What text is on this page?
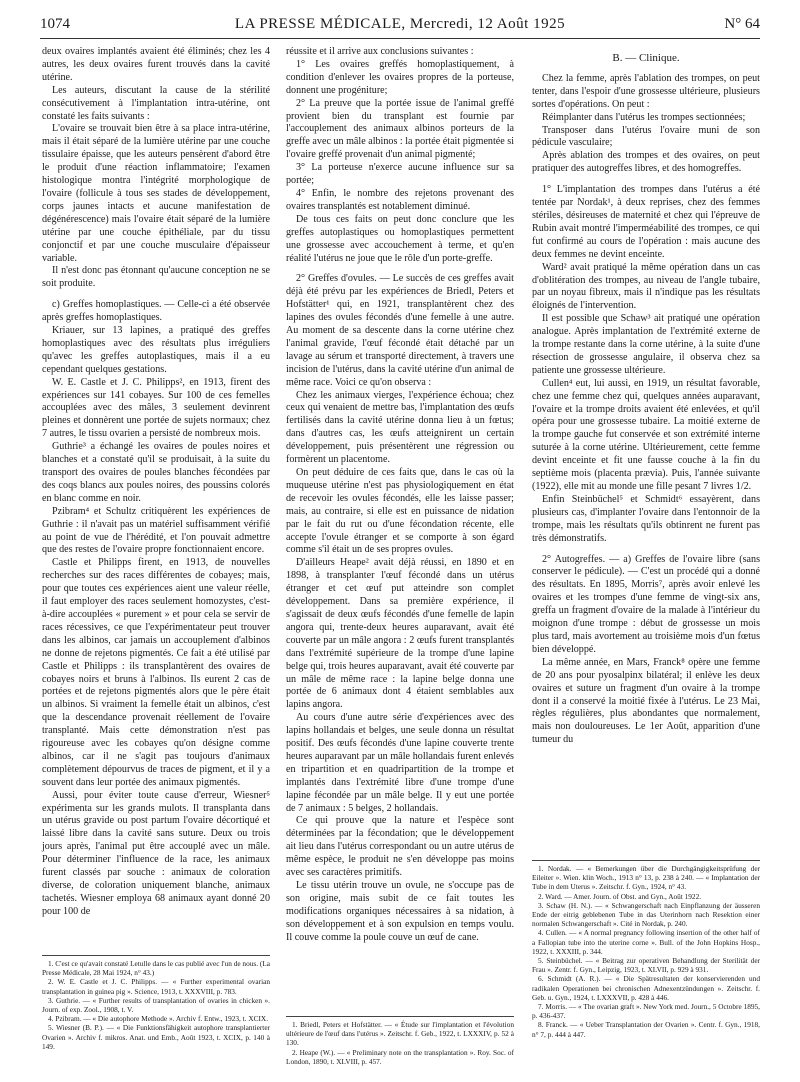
1074	LA PRESSE MÉDICALE, Mercredi, 12 Août 1925	N° 64

deux ovaires implantés avaient été éliminés; chez les 4 autres, les deux ovaires furent trouvés dans la cavité utérine.

Les auteurs, discutant la cause de la stérilité consécutivement à l'implantation intra-utérine, ont constaté les faits suivants :

L'ovaire se trouvait bien être à sa place intra-utérine, mais il était séparé de la lumière utérine par une couche tissulaire épaisse, que les auteurs pensèrent d'abord être le produit d'une réaction inflammatoire; l'examen histologique montra l'intégrité morphologique de l'ovaire (follicule à tous ses stades de développement, corps jaunes intacts et aucune manifestation de dégénérescence) mais l'ovaire était séparé de la lumière utérine par une couche épithéliale, par du tissu conjonctif et par une couche musculaire d'épaisseur variable.

Il n'est donc pas étonnant qu'aucune conception ne se soit produite.

c) Greffes homoplastiques. — Celle-ci a été observée après greffes homoplastiques.

Kriauer, sur 13 lapines, a pratiqué des greffes homoplastiques avec des résultats plus irréguliers qu'avec les greffes autoplastiques, mais il a eu cependant quelques gestations.

W. E. Castle et J. C. Philipps², en 1913, firent des expériences sur 141 cobayes. Sur 100 de ces femelles accouplées avec des mâles, 3 seulement devinrent pleines et donnèrent une portée de sujets normaux; chez 7 autres, le tissu ovarien a persisté de nombreux mois.

Guthrie³ a échangé les ovaires de poules noires et blanches et a constaté qu'il se produisait, à la suite du transport des ovaires de poules blanches fécondées par des coqs blancs aux poules noires, des poussins colorés en blanc comme en noir.

Pzibram⁴ et Schultz critiquèrent les expériences de Guthrie : il n'avait pas un matériel suffisamment vérifié au point de vue de l'hérédité, et l'on pouvait admettre que des restes de l'ovaire propre fonctionnaient encore.

Castle et Philipps firent, en 1913, de nouvelles recherches sur des races différentes de cobayes; mais, pour que toutes ces expériences aient une valeur réelle, il faut employer des races seulement homozystes, c'est-à-dire accouplées « purement » et pour cela se servir de races récessives, ce que l'expérimentateur peut trouver dans les albinos, car jamais un accouplement d'albinos ne donne de rejetons pigmentés. Ce fait a été utilisé par Castle et Philipps : ils transplantèrent des ovaires de cobayes noirs et bruns à l'albinos. Ils eurent 2 cas de portées et de rejetons pigmentés alors que le père était un albinos. Si vraiment la femelle était un albinos, c'est que la descendance provenait réellement de l'ovaire transplanté. Mais cette démonstration n'est pas rigoureuse avec les cobayes qu'on désigne comme albinos, car il ne s'agit pas toujours d'animaux complètement dépourvus de traces de pigment, et il y a souvent dans leur portée des animaux pigmentés.

Aussi, pour éviter toute cause d'erreur, Wiesner⁵ expérimenta sur les grands mulots. Il transplanta dans un utérus gravide ou post partum l'ovaire décortiqué et laissé libre dans la cavité sans suture. Deux ou trois jours après, l'animal put être accouplé avec un mâle. Pour déterminer l'influence de la race, les animaux furent classés par souche : animaux de coloration diverse, de coloration uniquement blanche, animaux tachetés. Wiesner employa 68 animaux ayant donné 20 pour 100 de

réussite et il arrive aux conclusions suivantes :

1° Les ovaires greffés homoplastiquement, à condition d'enlever les ovaires propres de la porteuse, donnent une progéniture;

2° La preuve que la portée issue de l'animal greffé provient bien du transplant est fournie par l'accouplement des animaux albinos porteurs de la greffe avec un mâle albinos : la portée était pigmentée si l'ovaire greffé provenait d'un animal pigmenté;

3° La porteuse n'exerce aucune influence sur sa portée;

4° Enfin, le nombre des rejetons provenant des ovaires transplantés est notablement diminué.

De tous ces faits on peut donc conclure que les greffes autoplastiques ou homoplastiques permettent une grossesse avec accouchement à terme, et qu'en réalité l'utérus ne joue que le rôle d'un porte-greffe.

2° Greffes d'ovules. — Le succès de ces greffes avait déjà été prévu par les expériences de Briedl, Peters et Hofstätter¹ qui, en 1921, transplantèrent chez des lapines des ovules fécondés d'une femelle à une autre. Au moment de sa descente dans la corne utérine chez l'animal gravide, l'œuf fécondé était détaché par un lavage au sérum et transporté directement, à travers une incision de l'utérus, dans la cavité utérine d'un animal de même race. Voici ce qu'on observa :

Chez les animaux vierges, l'expérience échoua; chez ceux qui venaient de mettre bas, l'implantation des œufs fertilisés dans la cavité utérine donna lieu à un fœtus; dans d'autres cas, les œufs atteignirent un certain développement, puis présentèrent une régression ou formèrent un placentome.

On peut déduire de ces faits que, dans le cas où la muqueuse utérine n'est pas physiologiquement en état de recevoir les ovules fécondés, elle les laisse passer; mais, au contraire, si elle est en puissance de nidation par le fait du rut ou d'une fécondation récente, elle accepte l'ovule étranger et se comporte à son égard comme s'il était un de ses propres ovules.

D'ailleurs Heape² avait déjà réussi, en 1890 et en 1898, à transplanter l'œuf fécondé dans un utérus étranger et cet œuf put atteindre son complet développement. Dans sa première expérience, il s'agissait de deux œufs fécondés d'une femelle de lapin angora qui, trente-deux heures auparavant, avait été couverte par un mâle angora : 2 œufs furent transplantés dans l'extrémité supérieure de la trompe d'une lapine belge qui, trois heures auparavant, avait été couverte par un mâle de même race : la lapine belge donna une portée de 6 animaux dont 4 étaient semblables aux lapins angora.

Au cours d'une autre série d'expériences avec des lapins hollandais et belges, une seule donna un résultat positif. Des œufs fécondés d'une lapine couverte trente heures auparavant par un mâle hollandais furent enlevés en tripartition et en quadripartition de la trompe et implantés dans l'extrémité libre d'une trompe d'une lapine fécondée par un mâle belge. Il y eut une portée de 7 animaux : 5 belges, 2 hollandais.

Ce qui prouve que la nature et l'espèce sont déterminées par la fécondation; que le développement ait lieu dans l'utérus correspondant ou un autre utérus de même espèce, le produit ne s'en développe pas moins avec ses caractères primitifs.

Le tissu utérin trouve un ovule, ne s'occupe pas de son origine, mais subit de ce fait toutes les modifications organiques nécessaires à sa nidation, à son développement et à son expulsion en temps voulu. Il couve comme la poule couve un œuf de cane.

B. — Clinique.

Chez la femme, après l'ablation des trompes, on peut tenter, dans l'espoir d'une grossesse ultérieure, plusieurs sortes d'opérations. On peut :

Réimplanter dans l'utérus les trompes sectionnées;

Transposer dans l'utérus l'ovaire muni de son pédicule vasculaire;

Après ablation des trompes et des ovaires, on peut pratiquer des autogreffes libres, et des homogreffes.

1° L'implantation des trompes dans l'utérus a été tentée par Nordak¹, à deux reprises, chez des femmes stériles, désireuses de maternité et chez qui l'épreuve de Rubin avait montré l'imperméabilité des trompes, ce qui fut confirmé au cours de l'opération : mais aucune des deux femmes ne devint enceinte.

Ward² avait pratiqué la même opération dans un cas d'oblitération des trompes, au niveau de l'angle tubaire, par un noyau fibreux, mais il n'indique pas les résultats éloignés de l'intervention.

Il est possible que Schaw³ ait pratiqué une opération analogue. Après implantation de l'extrémité externe de la trompe restante dans la corne utérine, à la suite d'une résection de grossesse angulaire, il observa chez sa patiente une grossesse ultérieure.

Cullen⁴ eut, lui aussi, en 1919, un résultat favorable, chez une femme chez qui, quelques années auparavant, l'ovaire et la trompe droits avaient été enlevées, et qu'il opéra pour une grossesse tubaire. La moitié externe de la trompe gauche fut conservée et son extrémité interne suturée à la corne utérine. Ultérieurement, cette femme devint enceinte et fit une fausse couche à la fin du septième mois (placenta prævia). Puis, l'année suivante (1922), elle mit au monde une fille pesant 7 livres 1/2.

Enfin Steinbüchel⁵ et Schmidt⁶ essayèrent, dans plusieurs cas, d'implanter l'ovaire dans l'entonnoir de la trompe, mais les résultats qu'ils obtinrent ne furent pas très démonstratifs.

2° Autogreffes. — a) Greffes de l'ovaire libre (sans conserver le pédicule). — C'est un procédé qui a donné des résultats. En 1895, Morris⁷, après avoir enlevé les ovaires et les trompes d'une femme de vingt-six ans, greffa un fragment d'ovaire de la malade à l'intérieur du moignon d'une trompe : début de grossesse un mois plus tard, mais avortement au troisième mois d'un fœtus bien développé.

La même année, en Mars, Franck⁸ opère une femme de 20 ans pour pyosalpinx bilatéral; il enlève les deux ovaires et suture un fragment d'un ovaire à la trompe dont il a conservé la moitié fixée à l'utérus. Le 23 Mai, règles régulières, plus abondantes que normalement, mais non douloureuses. Le 1er Août, apparition d'une tumeur du

1. C'est ce qu'avait constaté Letulle dans le cas publié avec l'un de nous. (La Presse Médicale, 28 Mai 1924, n° 43.)

2. W. E. Castle et J. C. Philipps. — « Further experimental ovarian transplantation in guinea pig ». Science, 1913, t. XXXVIII, p. 783.

3. Guthrie. — « Further results of transplantation of ovaries in chicken ». Journ. of exp. Zool., 1908, t. V.

4. Pzibram. — « Die autophore Methode ». Archiv f. Entw., 1923, t. XCIX.

5. Wiesner (B. P.). — « Die Funktionsfähigkeit autophore transplantierter Ovarien ». Archiv f. mikros. Anat. und Emb., Août 1923, t. XCIX, p. 140 à 149.

1. Briedl, Peters et Hofstätter. — « Étude sur l'implantation et l'évolution ultérieure de l'œuf dans l'utérus ». Zeitschr. f. Geb., 1922, t. LXXXIV, p. 52 à 130.

2. Heape (W.). — « Preliminary note on the transplantation ». Roy. Soc. of London, 1890, t. XLVIII, p. 457.

1. Nordak. — « Bemerkungen über die Durchgängigkeitsprüfung der Eileiter ». Wien. klin Woch., 1913 n° 13, p. 238 à 240. — « Implantation der Tube in dem Uterus ». Zeitschr. f. Gyn., 1924, n° 43.

2. Ward. — Amer. Journ. of Obst. and Gyn., Août 1922.

3. Schaw (H. N.). — « Schwangerschaft nach Einpflanzung der äusseren Ende der eitrig geblebenen Tube in das Uterinhorn nach Resektion einer normalen Schwangerschaft ». Cité in Nordak, p. 240.

4. Cullen. — « A normal pregnancy following insertion of the other half of a Fallopian tube into the uterine corne ». Bull. of the John Hopkins Hosp., 1922, t. XXXIII, p. 344.

5. Steinbüchel. — « Beitrag zur operativen Behandlung der Sterilität der Frau ». Zentr. f. Gyn., Leipzig, 1923, t. XLVII, p. 929 à 931.

6. Schmidt (A. R.). — « Die Spätresultaten der konservierenden und radikalen Operationen bei chronischen Adnexentzündungen ». Zeitschr. f. Geb. u. Gyn., 1924, t. LXXXVII, p. 428 à 446.

7. Morris. — « The ovarian graft ». New York med. Journ., 5 Octobre 1895, p. 436-437.

8. Franck. — « Ueber Transplantation der Ovarien ». Centr. f. Gyn., 1918, n° 7, p. 444 à 447.
